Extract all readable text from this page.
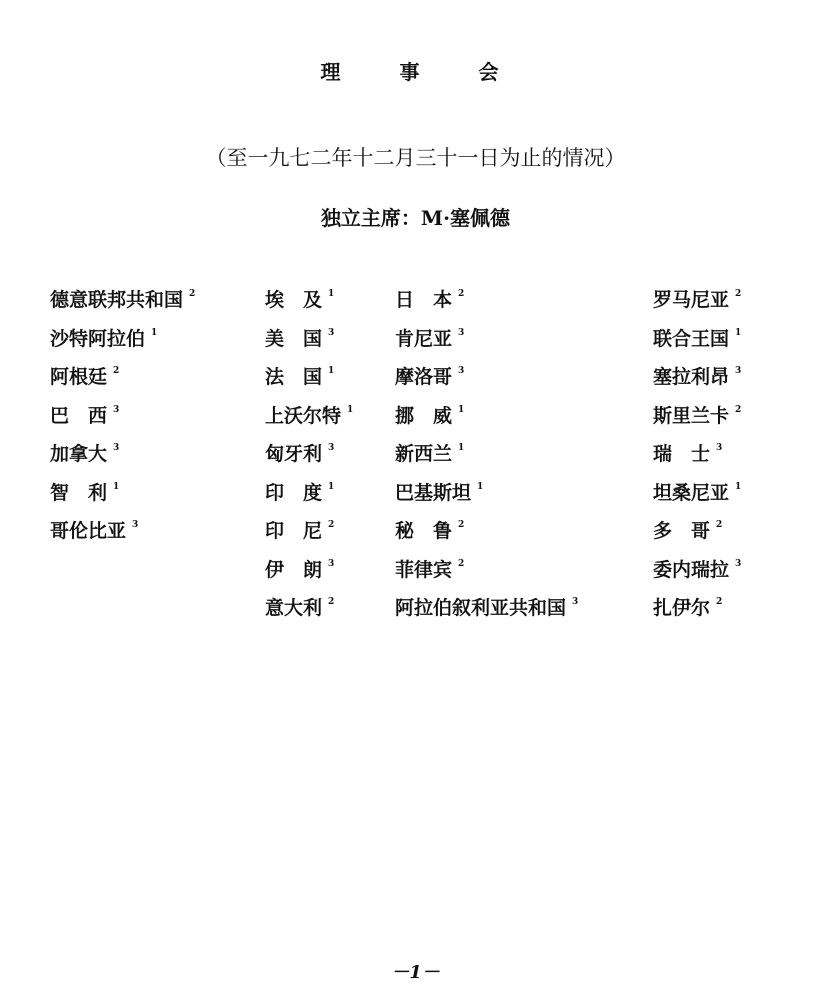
理	事	会
（至一九七二年十二月三十一日为止的情况）
独立主席：M·塞佩德
德意联邦共和国 $^2$
沙特阿拉伯 $^1$
阿根廷 $^2$
巴　西 $^3$
加拿大 $^3$
智　利 $^1$
哥伦比亚 $^3$
埃　及 $^1$
美　国 $^3$
法　国 $^1$
上沃尔特 $^1$
匈牙利 $^3$
印　度 $^1$
印　尼 $^2$
伊　朗 $^3$
意大利 $^2$
日　本 $^2$
肯尼亚 $^3$
摩洛哥 $^3$
挪　威 $^1$
新西兰 $^1$
巴基斯坦 $^1$
秘　鲁 $^2$
菲律宾 $^2$
阿拉伯叙利亚共和国 $^3$
罗马尼亚 $^2$
联合王国 $^1$
塞拉利昂 $^3$
斯里兰卡 $^2$
瑞　士 $^3$
坦桑尼亚 $^1$
多　哥 $^2$
委内瑞拉 $^3$
扎伊尔 $^2$
－1－
